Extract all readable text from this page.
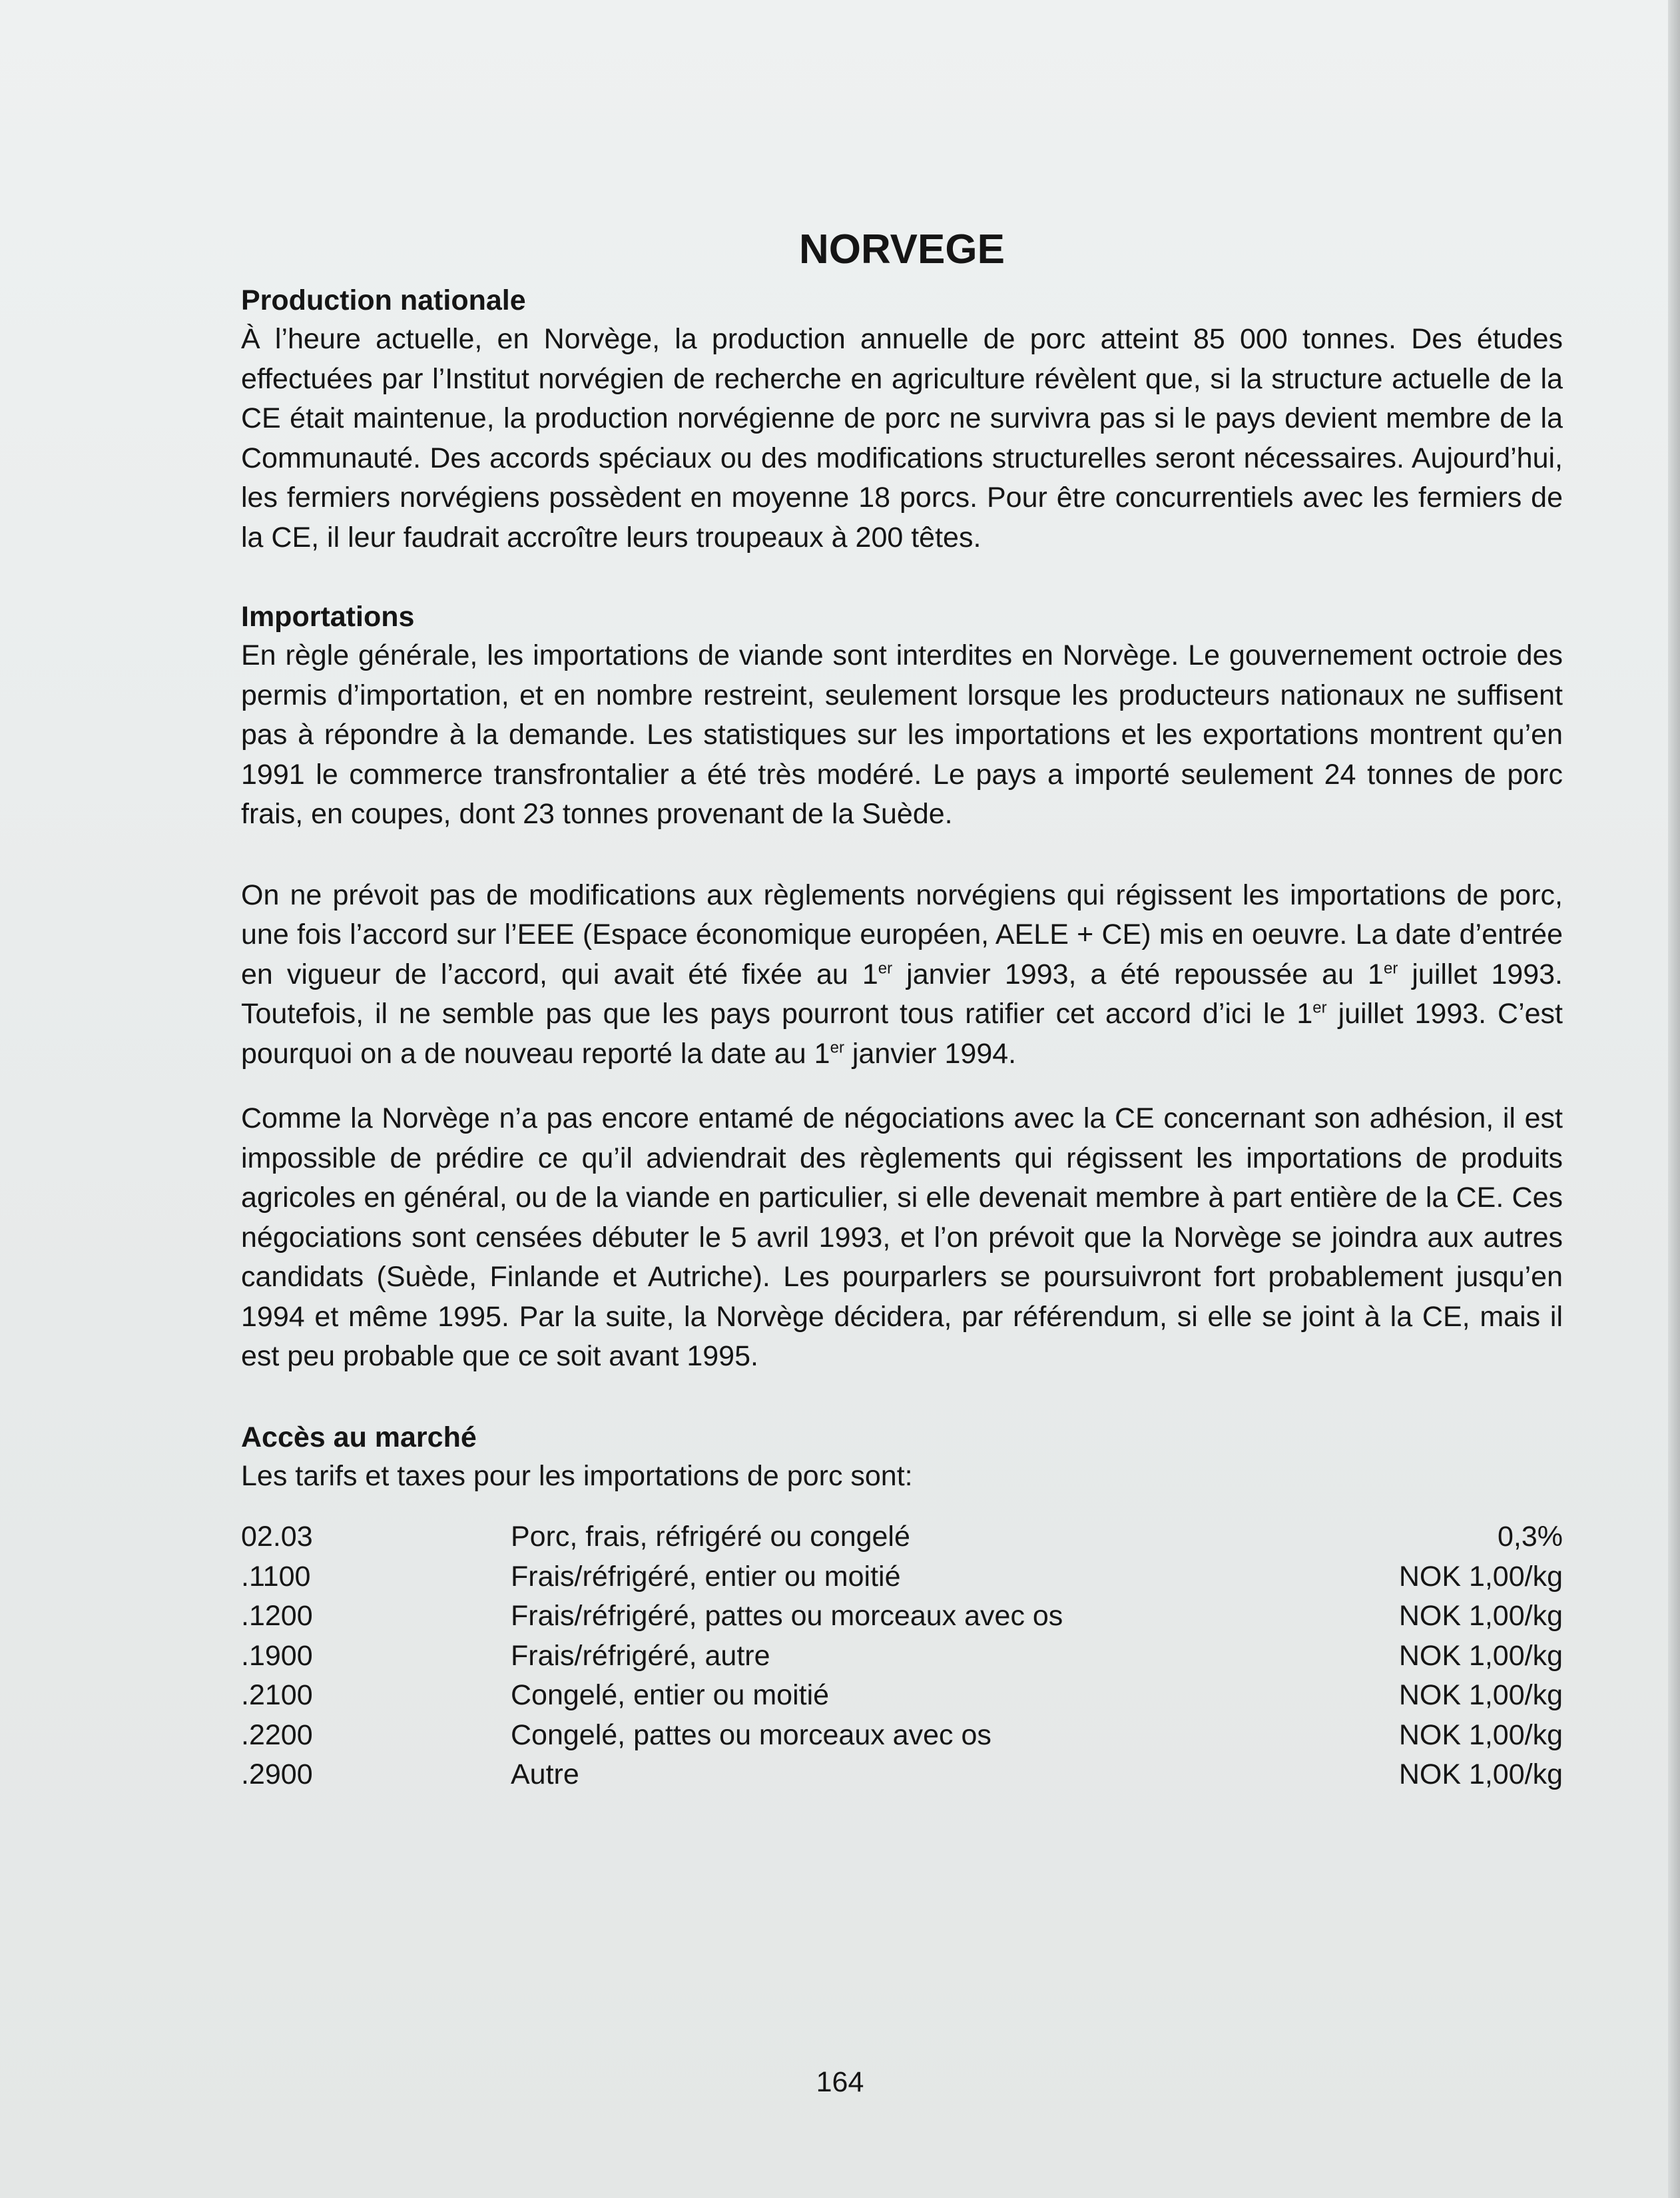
NORVEGE

Production nationale

À l’heure actuelle, en Norvège, la production annuelle de porc atteint 85 000 tonnes. Des études effectuées par l’Institut norvégien de recherche en agriculture révèlent que, si la structure actuelle de la CE était maintenue, la production norvégienne de porc ne survivra pas si le pays devient membre de la Communauté. Des accords spéciaux ou des modifications structurelles seront nécessaires. Aujourd’hui, les fermiers norvégiens possèdent en moyenne 18 porcs. Pour être concurrentiels avec les fermiers de la CE, il leur faudrait accroître leurs troupeaux à 200 têtes.

Importations

En règle générale, les importations de viande sont interdites en Norvège. Le gouvernement octroie des permis d’importation, et en nombre restreint, seulement lorsque les producteurs nationaux ne suffisent pas à répondre à la demande. Les statistiques sur les importations et les exportations montrent qu’en 1991 le commerce transfrontalier a été très modéré. Le pays a importé seulement 24 tonnes de porc frais, en coupes, dont 23 tonnes provenant de la Suède.

On ne prévoit pas de modifications aux règlements norvégiens qui régissent les importations de porc, une fois l’accord sur l’EEE (Espace économique européen, AELE + CE) mis en oeuvre. La date d’entrée en vigueur de l’accord, qui avait été fixée au 1er janvier 1993, a été repoussée au 1er juillet 1993. Toutefois, il ne semble pas que les pays pourront tous ratifier cet accord d’ici le 1er juillet 1993. C’est pourquoi on a de nouveau reporté la date au 1er janvier 1994.

Comme la Norvège n’a pas encore entamé de négociations avec la CE concernant son adhésion, il est impossible de prédire ce qu’il adviendrait des règlements qui régissent les importations de produits agricoles en général, ou de la viande en particulier, si elle devenait membre à part entière de la CE. Ces négociations sont censées débuter le 5 avril 1993, et l’on prévoit que la Norvège se joindra aux autres candidats (Suède, Finlande et Autriche). Les pourparlers se poursuivront fort probablement jusqu’en 1994 et même 1995. Par la suite, la Norvège décidera, par référendum, si elle se joint à la CE, mais il est peu probable que ce soit avant 1995.

Accès au marché

Les tarifs et taxes pour les importations de porc sont:

02.03	Porc, frais, réfrigéré ou congelé	0,3%
.1100	Frais/réfrigéré, entier ou moitié	NOK 1,00/kg
.1200	Frais/réfrigéré, pattes ou morceaux avec os	NOK 1,00/kg
.1900	Frais/réfrigéré, autre	NOK 1,00/kg
.2100	Congelé, entier ou moitié	NOK 1,00/kg
.2200	Congelé, pattes ou morceaux avec os	NOK 1,00/kg
.2900	Autre	NOK 1,00/kg
164
